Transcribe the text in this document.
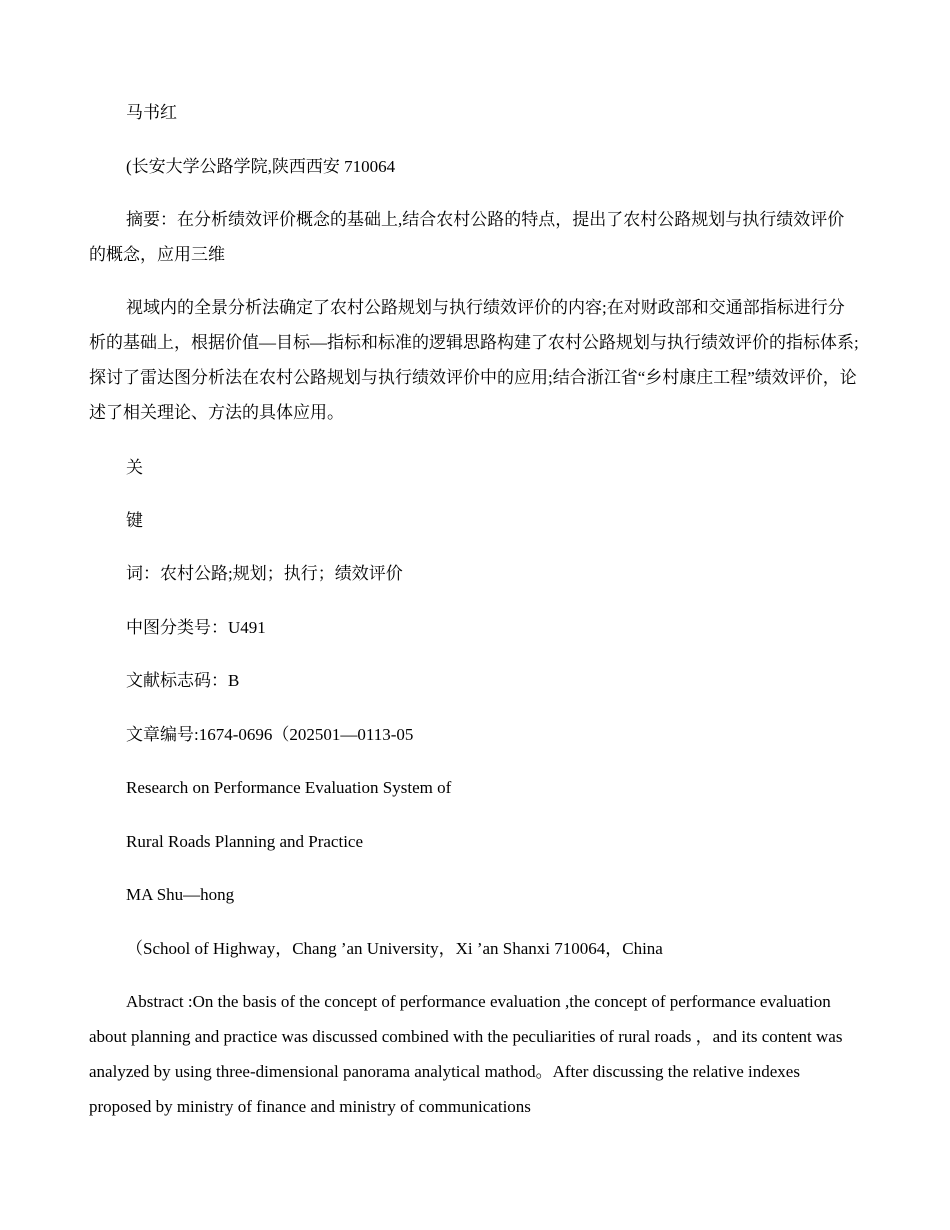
马书红

(长安大学公路学院,陕西西安 710064

摘要：在分析绩效评价概念的基础上,结合农村公路的特点，提出了农村公路规划与执行绩效评价的概念，应用三维

视域内的全景分析法确定了农村公路规划与执行绩效评价的内容;在对财政部和交通部指标进行分析的基础上，根据价值—目标—指标和标准的逻辑思路构建了农村公路规划与执行绩效评价的指标体系;探讨了雷达图分析法在农村公路规划与执行绩效评价中的应用;结合浙江省“乡村康庄工程”绩效评价，论述了相关理论、方法的具体应用。

关

键

词：农村公路;规划；执行；绩效评价

中图分类号：U491

文献标志码：B

文章编号:1674-0696（202501—0113-05

Research on Performance Evaluation System of

Rural Roads Planning and Practice

MA Shu—hong

（School of Highway，Chang ’an University，Xi ’an Shanxi 710064，China

Abstract :On the basis of the concept of performance evaluation ,the concept of performance evaluation about planning and practice was discussed combined with the peculiarities of rural roads ，and its content was analyzed by using three-dimensional panorama analytical mathod。After discussing the relative indexes proposed by ministry of finance and ministry of communications
